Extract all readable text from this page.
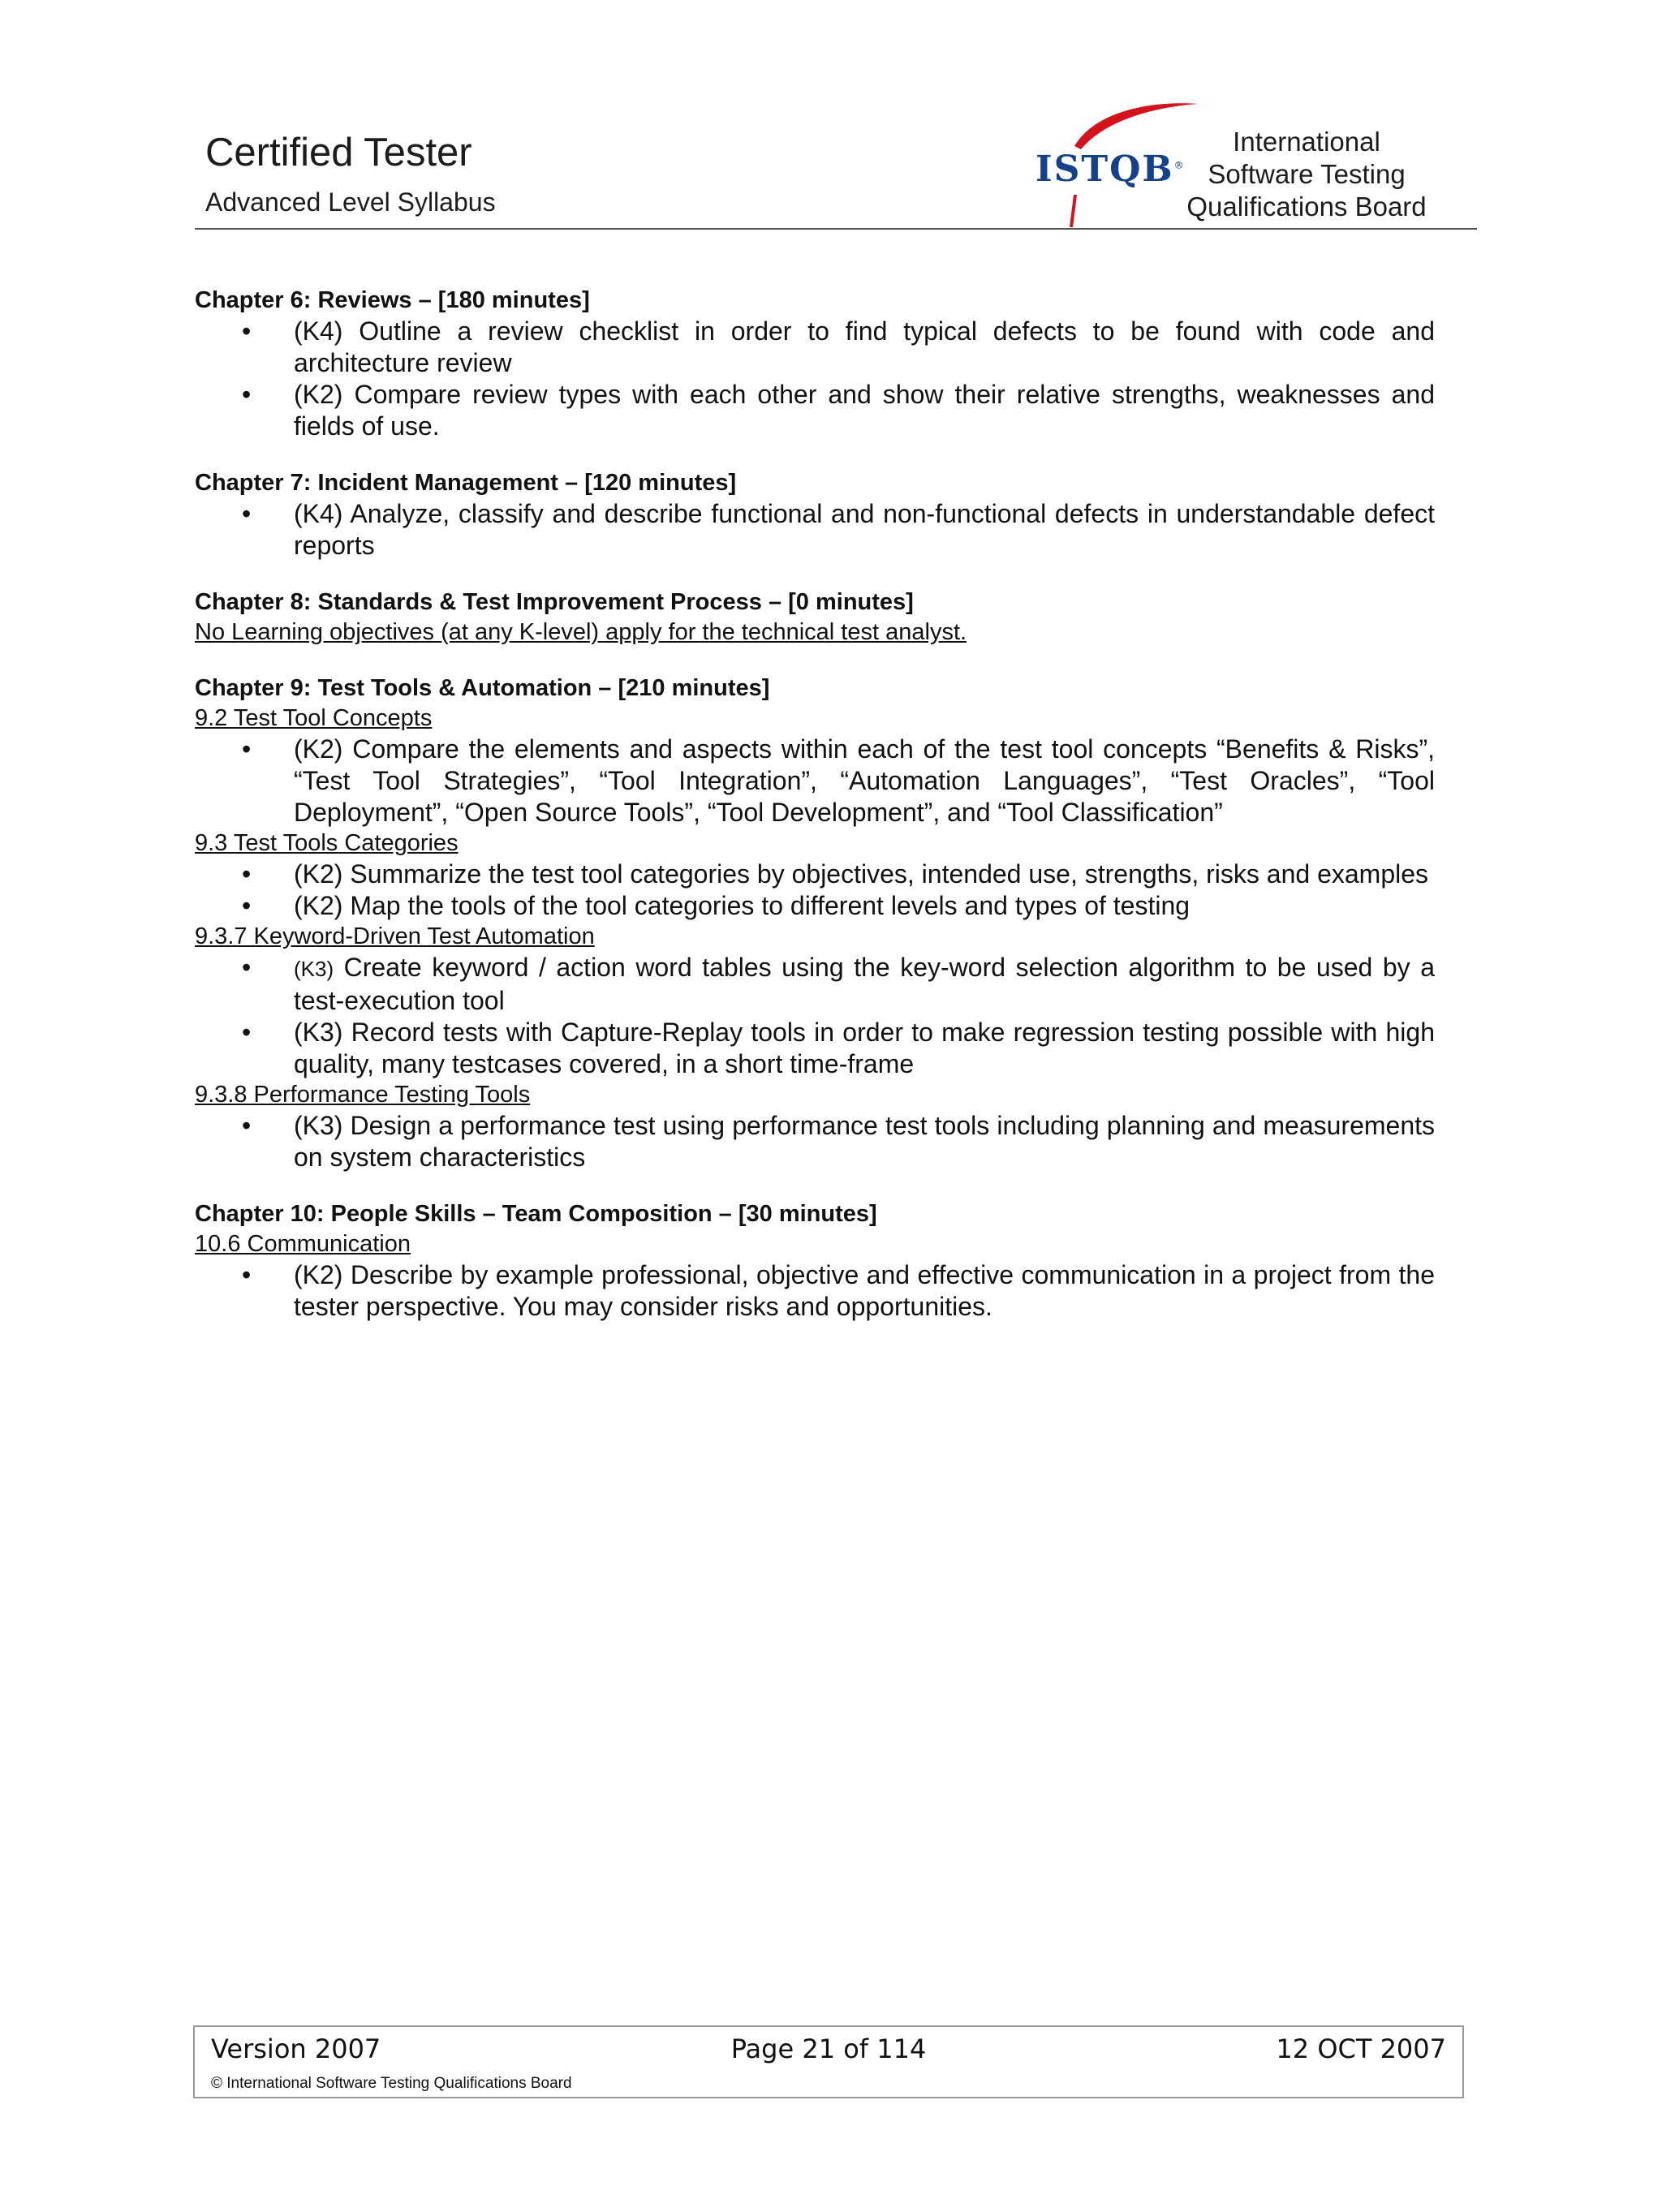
Certified Tester
Advanced Level Syllabus
ISTQB®
International
Software Testing
Qualifications Board

Chapter 6: Reviews – [180 minutes]

• (K4) Outline a review checklist in order to find typical defects to be found with code and architecture review
• (K2) Compare review types with each other and show their relative strengths, weaknesses and fields of use.

Chapter 7: Incident Management – [120 minutes]

• (K4) Analyze, classify and describe functional and non-functional defects in understandable defect reports

Chapter 8: Standards & Test Improvement Process – [0 minutes]

No Learning objectives (at any K-level) apply for the technical test analyst.

Chapter 9: Test Tools & Automation – [210 minutes]

9.2 Test Tool Concepts

• (K2) Compare the elements and aspects within each of the test tool concepts “Benefits & Risks”, “Test Tool Strategies”, “Tool Integration”, “Automation Languages”, “Test Oracles”, “Tool Deployment”, “Open Source Tools”, “Tool Development”, and “Tool Classification”

9.3 Test Tools Categories

• (K2) Summarize the test tool categories by objectives, intended use, strengths, risks and examples
• (K2) Map the tools of the tool categories to different levels and types of testing

9.3.7 Keyword-Driven Test Automation

• (K3) Create keyword / action word tables using the key-word selection algorithm to be used by a test-execution tool
• (K3) Record tests with Capture-Replay tools in order to make regression testing possible with high quality, many testcases covered, in a short time-frame

9.3.8 Performance Testing Tools

• (K3) Design a performance test using performance test tools including planning and measurements on system characteristics

Chapter 10: People Skills – Team Composition – [30 minutes]

10.6 Communication

• (K2) Describe by example professional, objective and effective communication in a project from the tester perspective. You may consider risks and opportunities.
Version 2007	Page 21 of 114	12 OCT 2007
© International Software Testing Qualifications Board
